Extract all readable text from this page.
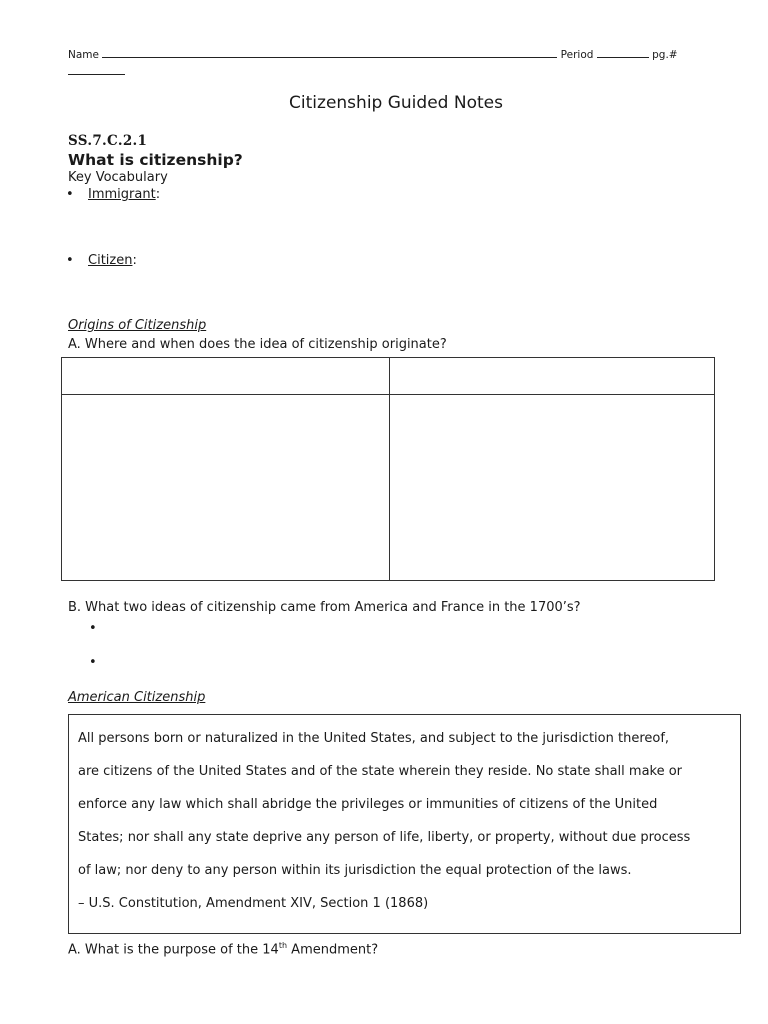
Name	Period	pg.#
Citizenship Guided Notes
SS.7.C.2.1
What is citizenship?
Key Vocabulary
• Immigrant:
• Citizen:
Origins of Citizenship
A. Where and when does the idea of citizenship originate?
B. What two ideas of citizenship came from America and France in the 1700’s?
•
•
American Citizenship
All persons born or naturalized in the United States, and subject to the jurisdiction thereof,
are citizens of the United States and of the state wherein they reside. No state shall make or
enforce any law which shall abridge the privileges or immunities of citizens of the United
States; nor shall any state deprive any person of life, liberty, or property, without due process
of law; nor deny to any person within its jurisdiction the equal protection of the laws.
– U.S. Constitution, Amendment XIV, Section 1 (1868)
A. What is the purpose of the 14th Amendment?
